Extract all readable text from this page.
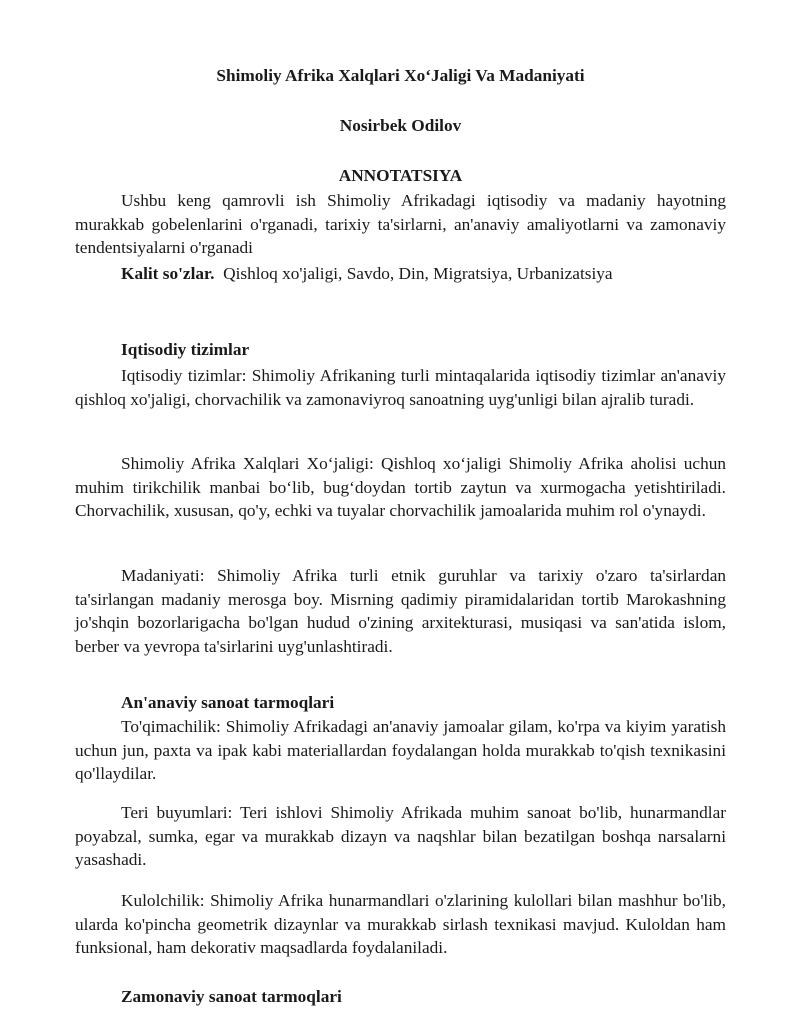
Shimoliy Afrika Xalqlari Xo‘Jaligi Va Madaniyati
Nosirbek Odilov
ANNOTATSIYA
Ushbu keng qamrovli ish Shimoliy Afrikadagi iqtisodiy va madaniy hayotning murakkab gobelenlarini o'rganadi, tarixiy ta'sirlarni, an'anaviy amaliyotlarni va zamonaviy tendentsiyalarni o'rganadi
Kalit so'zlar. Qishloq xo'jaligi, Savdo, Din, Migratsiya, Urbanizatsiya
Iqtisodiy tizimlar
Iqtisodiy tizimlar: Shimoliy Afrikaning turli mintaqalarida iqtisodiy tizimlar an'anaviy qishloq xo'jaligi, chorvachilik va zamonaviyroq sanoatning uyg'unligi bilan ajralib turadi.
Shimoliy Afrika Xalqlari Xo‘jaligi: Qishloq xo‘jaligi Shimoliy Afrika aholisi uchun muhim tirikchilik manbai bo‘lib, bug‘doydan tortib zaytun va xurmogacha yetishtiriladi. Chorvachilik, xususan, qo'y, echki va tuyalar chorvachilik jamoalarida muhim rol o'ynaydi.
Madaniyati: Shimoliy Afrika turli etnik guruhlar va tarixiy o'zaro ta'sirlardan ta'sirlangan madaniy merosga boy. Misrning qadimiy piramidalaridan tortib Marokashning jo'shqin bozorlarigacha bo'lgan hudud o'zining arxitekturasi, musiqasi va san'atida islom, berber va yevropa ta'sirlarini uyg'unlashtiradi.
An'anaviy sanoat tarmoqlari
To'qimachilik: Shimoliy Afrikadagi an'anaviy jamoalar gilam, ko'rpa va kiyim yaratish uchun jun, paxta va ipak kabi materiallardan foydalangan holda murakkab to'qish texnikasini qo'llaydilar.
Teri buyumlari: Teri ishlovi Shimoliy Afrikada muhim sanoat bo'lib, hunarmandlar poyabzal, sumka, egar va murakkab dizayn va naqshlar bilan bezatilgan boshqa narsalarni yasashadi.
Kulolchilik: Shimoliy Afrika hunarmandlari o'zlarining kulollari bilan mashhur bo'lib, ularda ko'pincha geometrik dizaynlar va murakkab sirlash texnikasi mavjud. Kuloldan ham funksional, ham dekorativ maqsadlarda foydalaniladi.
Zamonaviy sanoat tarmoqlari
